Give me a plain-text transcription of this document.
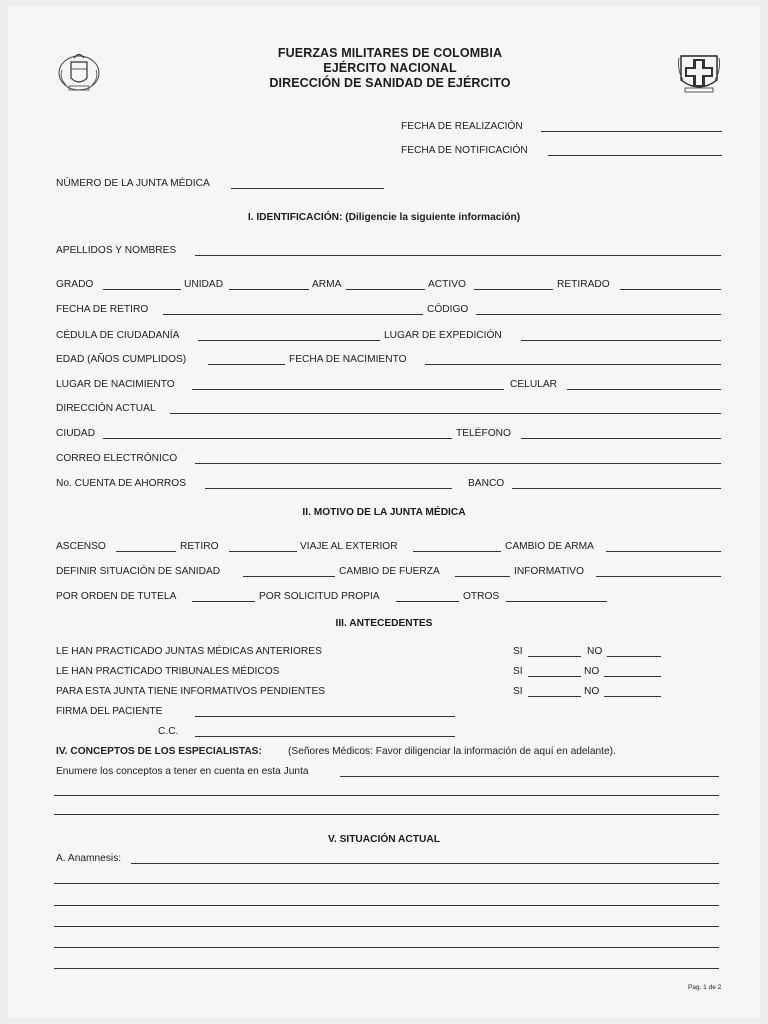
FUERZAS MILITARES DE COLOMBIA
EJÉRCITO NACIONAL
DIRECCIÓN DE SANIDAD DE EJÉRCITO
FECHA DE REALIZACIÓN
FECHA DE NOTIFICACIÓN
NÚMERO DE LA JUNTA MÉDICA
I. IDENTIFICACIÓN: (Diligencie la siguiente información)
APELLIDOS Y NOMBRES
GRADO	UNIDAD	ARMA	ACTIVO	RETIRADO
FECHA DE RETIRO	CÓDIGO
CÉDULA DE CIUDADANÍA	LUGAR DE EXPEDICIÓN
EDAD (AÑOS CUMPLIDOS)	FECHA DE NACIMIENTO
LUGAR DE NACIMIENTO	CELULAR
DIRECCIÓN ACTUAL
CIUDAD	TELÉFONO
CORREO ELECTRÓNICO
No. CUENTA DE AHORROS	BANCO
II. MOTIVO DE LA JUNTA MÉDICA
ASCENSO	RETIRO	VIAJE AL EXTERIOR	CAMBIO DE ARMA
DEFINIR SITUACIÓN DE SANIDAD	CAMBIO DE FUERZA	INFORMATIVO
POR ORDEN DE TUTELA	POR SOLICITUD PROPIA	OTROS
III. ANTECEDENTES
LE HAN PRACTICADO JUNTAS MÉDICAS ANTERIORES	SI	NO
LE HAN PRACTICADO TRIBUNALES MÉDICOS	SI	NO
PARA ESTA JUNTA TIENE INFORMATIVOS PENDIENTES	SI	NO
FIRMA DEL PACIENTE
C.C.
IV. CONCEPTOS DE LOS ESPECIALISTAS:	(Señores Médicos: Favor diligenciar la información de aquí en adelante).
Enumere los conceptos a tener en cuenta en esta Junta
V. SITUACIÓN ACTUAL
A. Anamnesis:
Pag. 1 de 2
